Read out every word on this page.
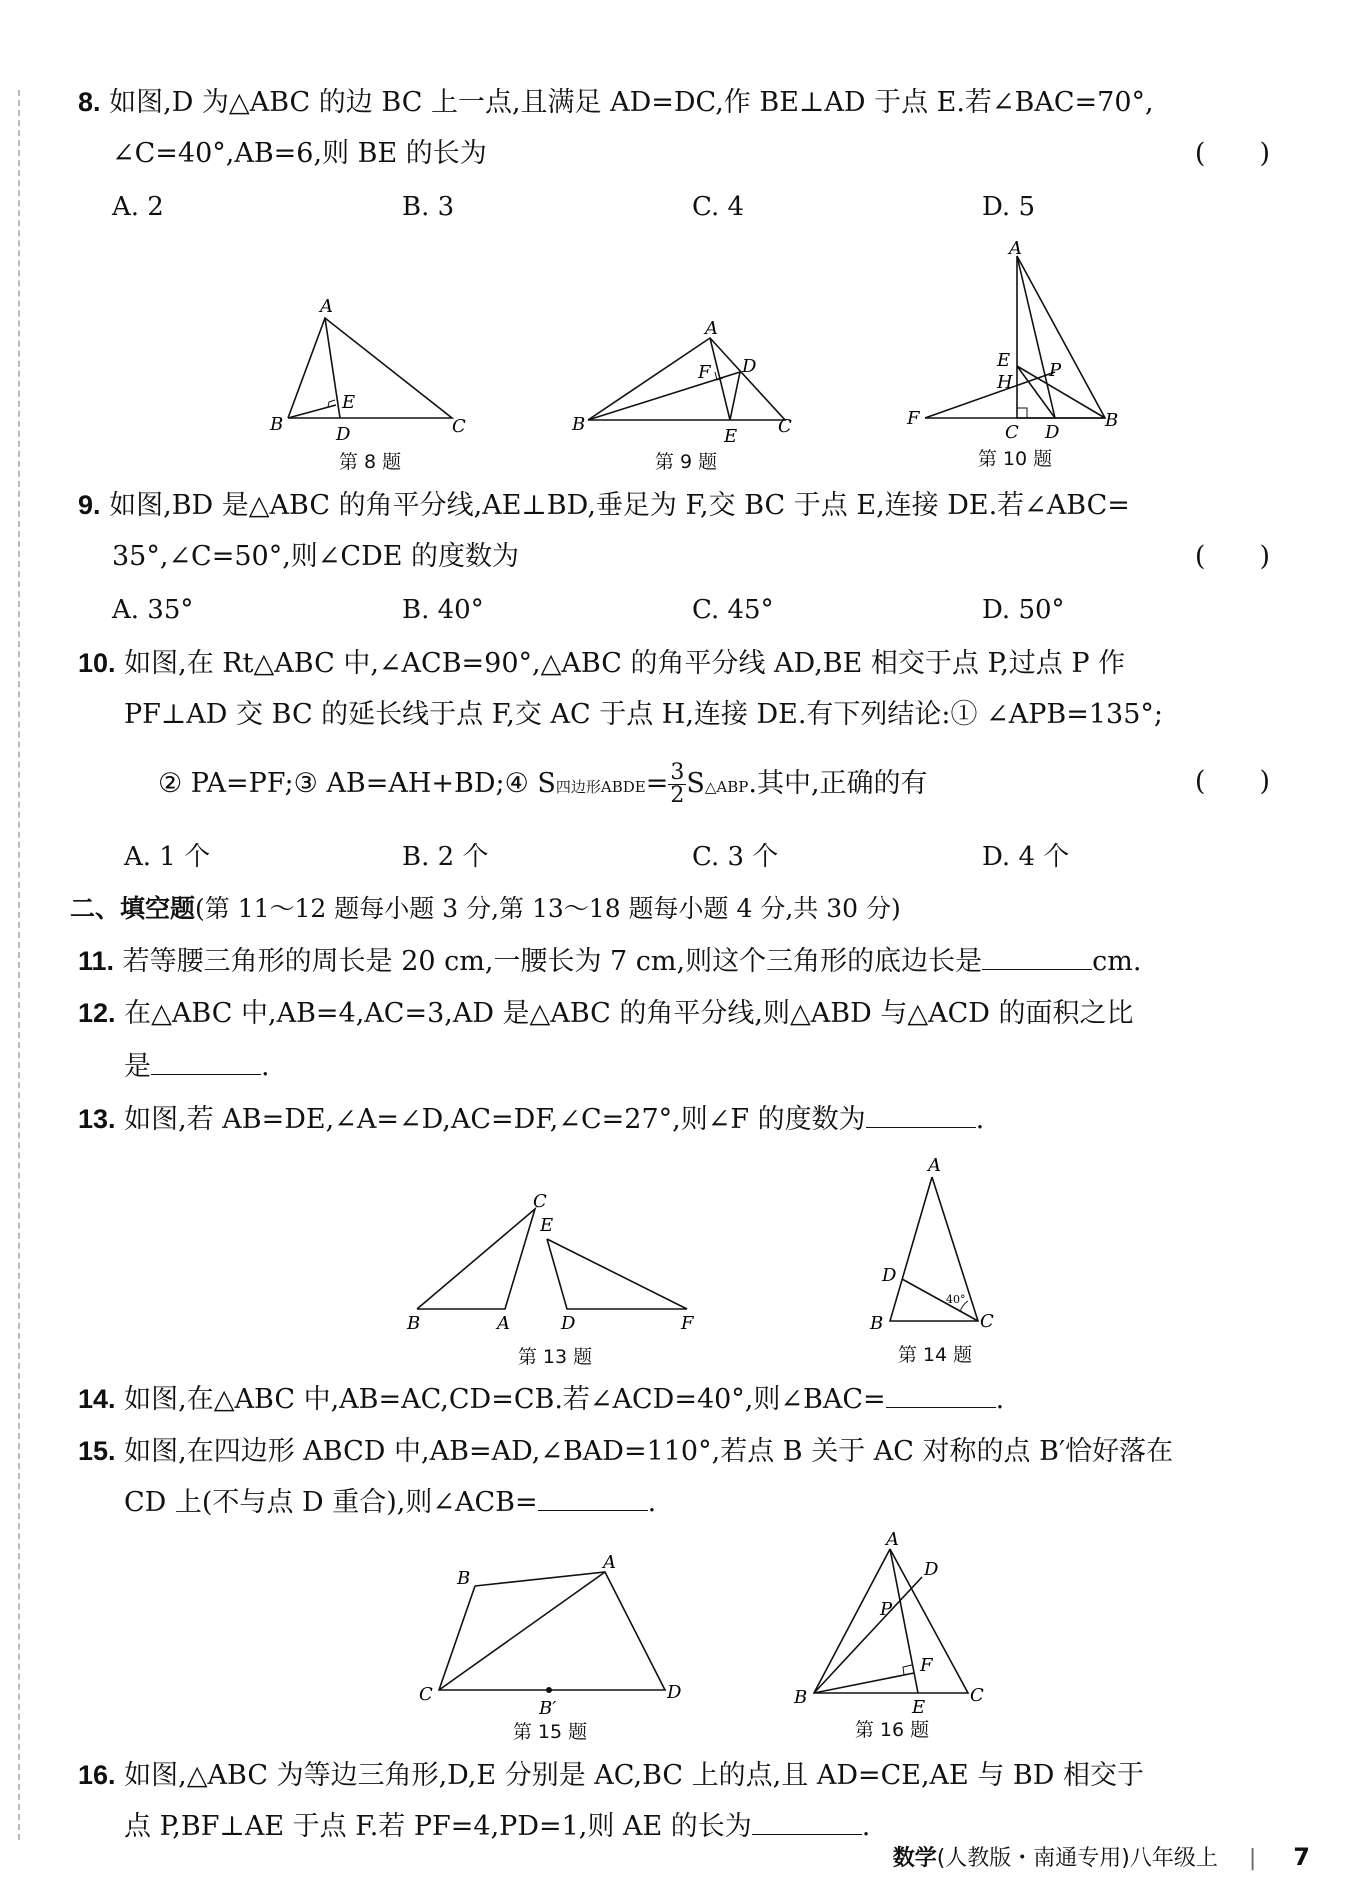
8. 如图,D 为△ABC 的边 BC 上一点,且满足 AD=DC,作 BE⊥AD 于点 E.若∠BAC=70°,
∠C=40°,AB=6,则 BE 的长为	(　　)
A. 2	B. 3	C. 4	D. 5
A
B	C
D
E
第 8 题
A
B	C
D
E
F
第 9 题
A
B
C D
E
F
H
P
第 10 题
9. 如图,BD 是△ABC 的角平分线,AE⊥BD,垂足为 F,交 BC 于点 E,连接 DE.若∠ABC=
35°,∠C=50°,则∠CDE 的度数为	(　　)
A. 35°	B. 40°	C. 45°	D. 50°
10. 如图,在 Rt△ABC 中,∠ACB=90°,△ABC 的角平分线 AD,BE 相交于点 P,过点 P 作
PF⊥AD 交 BC 的延长线于点 F,交 AC 于点 H,连接 DE.有下列结论:① ∠APB=135°;
② PA=PF;③ AB=AH+BD;④ S四边形ABDE= $\frac{3}{2}$ S△ABP.其中,正确的有	(　　)
A. 1 个	B. 2 个	C. 3 个	D. 4 个
二、填空题(第 11～12 题每小题 3 分,第 13～18 题每小题 4 分,共 30 分)
11. 若等腰三角形的周长是 20 cm,一腰长为 7 cm,则这个三角形的底边长是	cm.
12. 在△ABC 中,AB=4,AC=3,AD 是△ABC 的角平分线,则△ABD 与△ACD 的面积之比
是	.
13. 如图,若 AB=DE,∠A=∠D,AC=DF,∠C=27°,则∠F 的度数为	.
C
B	A
E
D	F
第 13 题
40°
A
B	C
D
第 14 题
14. 如图,在△ABC 中,AB=AC,CD=CB.若∠ACD=40°,则∠BAC=	.
15. 如图,在四边形 ABCD 中,AB=AD,∠BAD=110°,若点 B 关于 AC 对称的点 B′恰好落在
CD 上(不与点 D 重合),则∠ACB=	.
B
A
C	D
B′
第 15 题
A
D
P
F
B	E
C
第 16 题
16. 如图,△ABC 为等边三角形,D,E 分别是 AC,BC 上的点,且 AD=CE,AE 与 BD 相交于
点 P,BF⊥AE 于点 F.若 PF=4,PD=1,则 AE 的长为	.
数学(人教版・南通专用)八年级上 | 7
